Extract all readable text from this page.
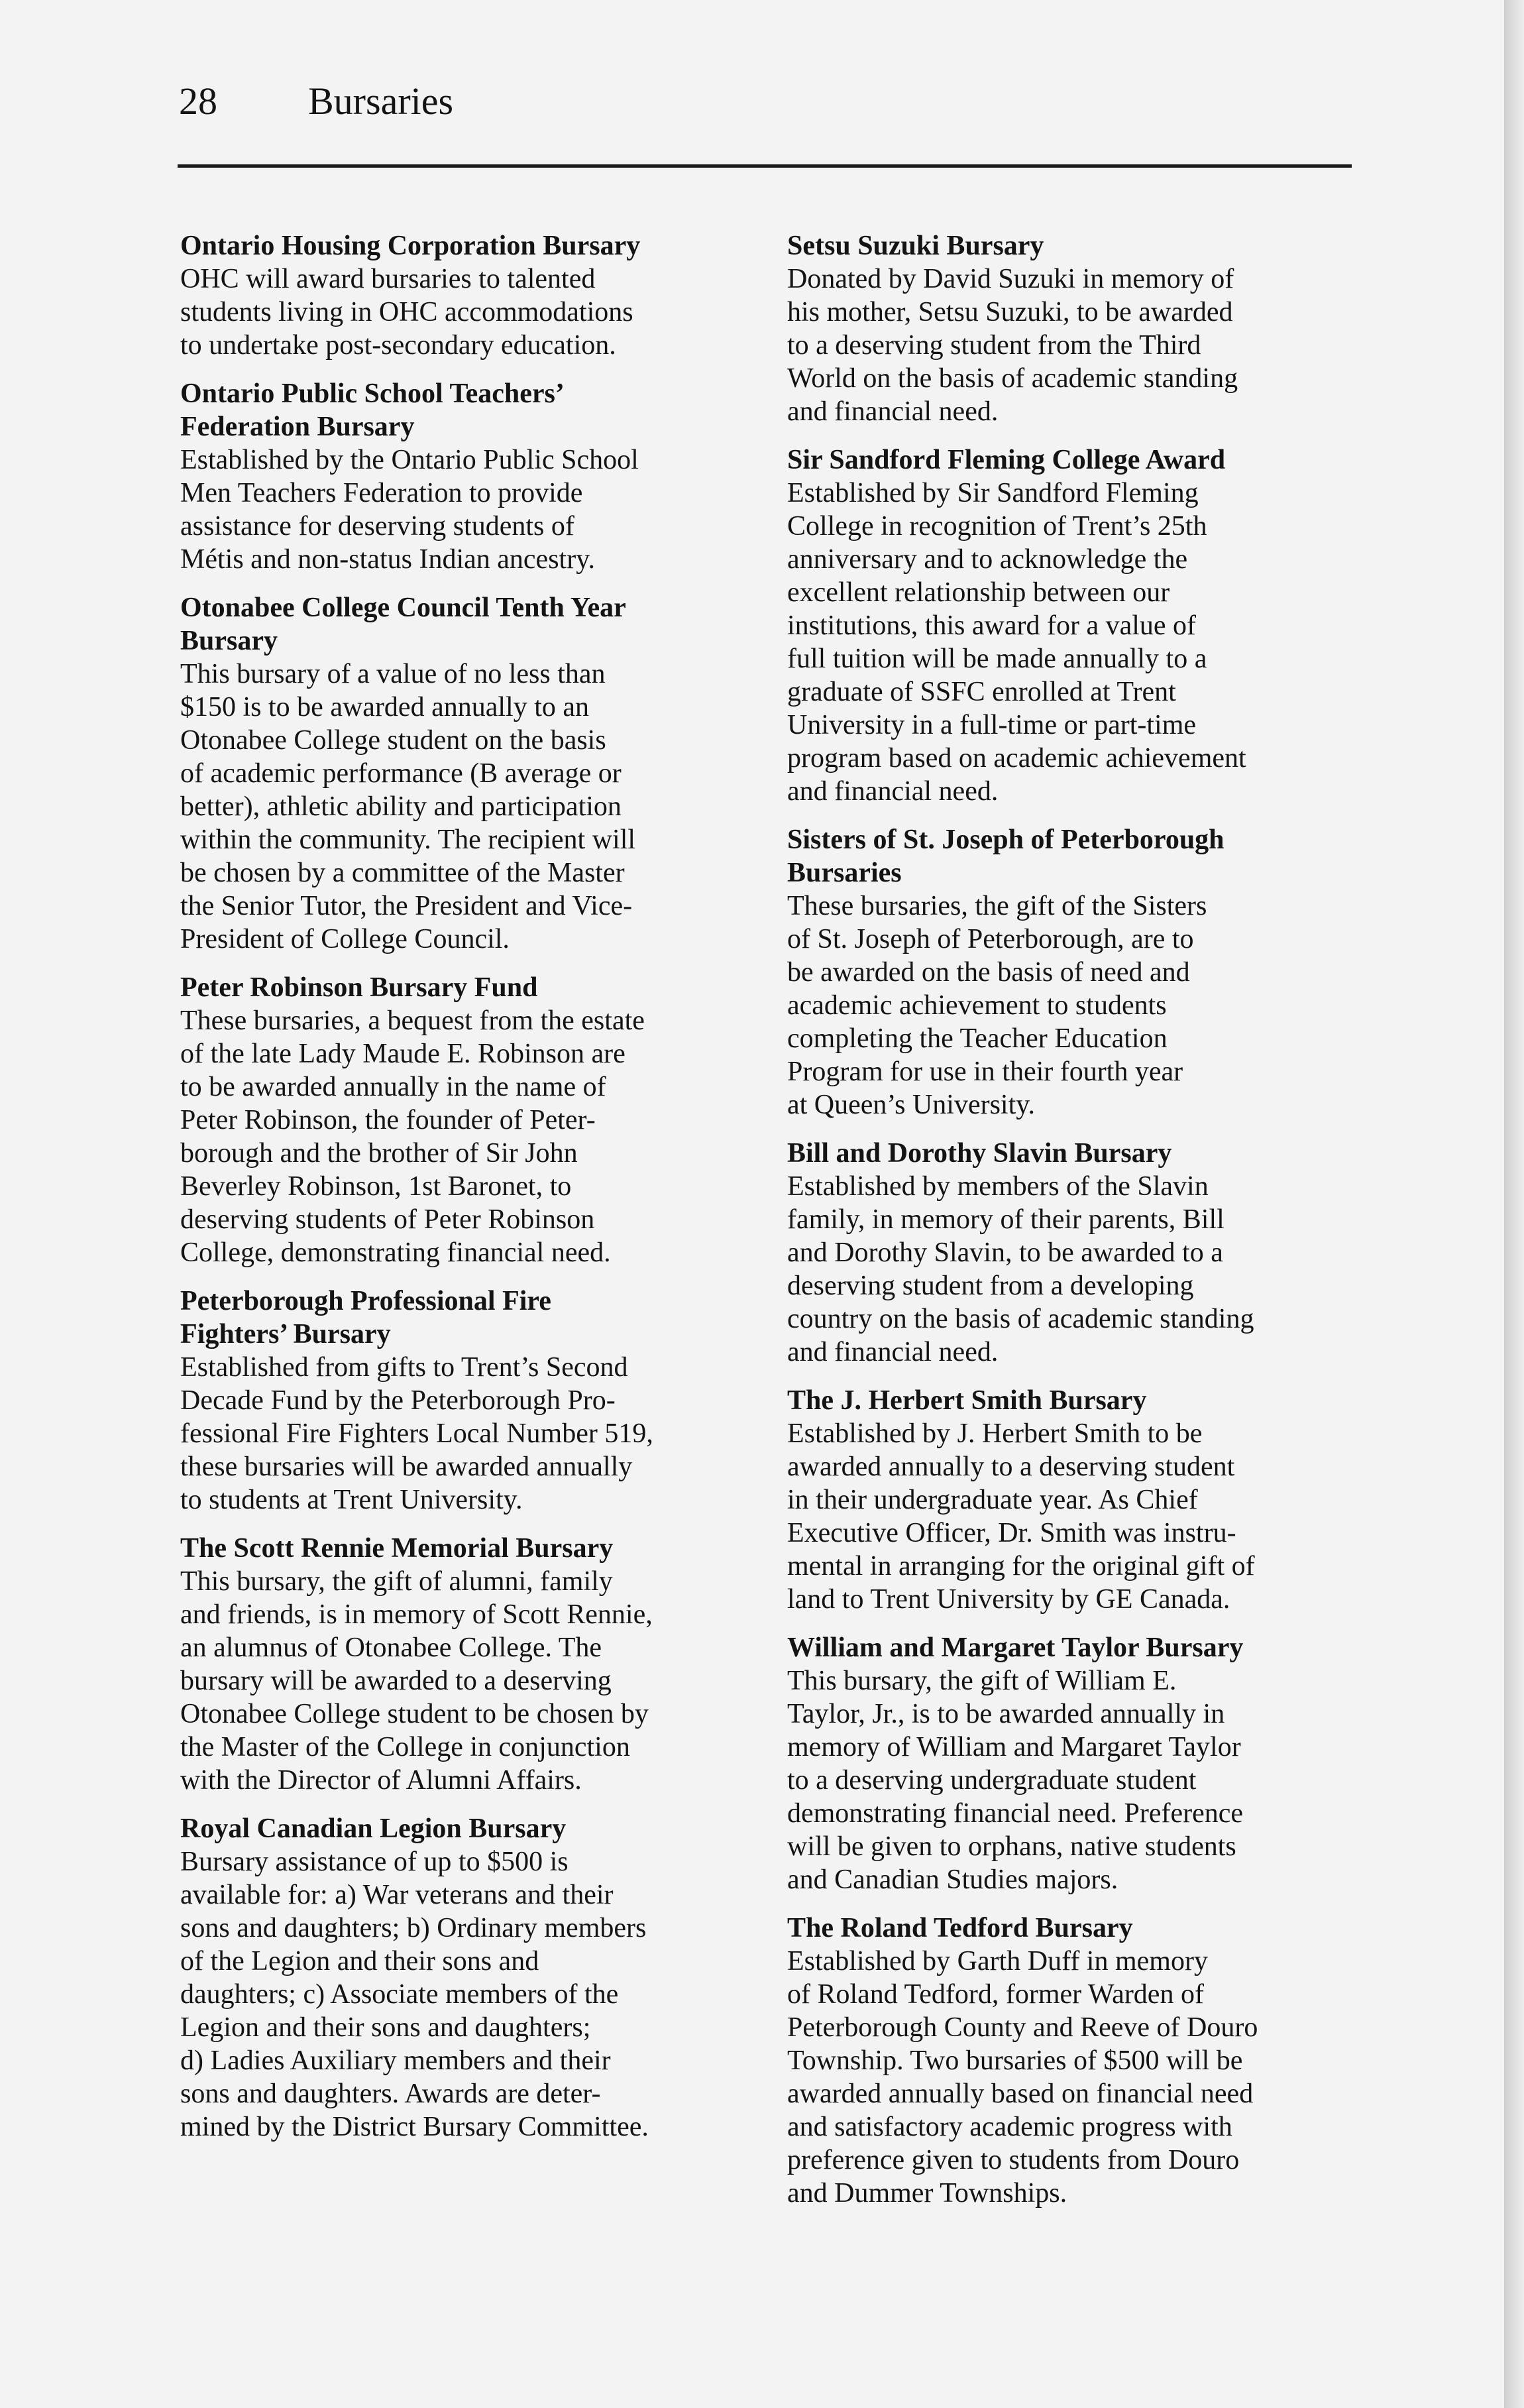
28 Bursaries

Ontario Housing Corporation Bursary

OHC will award bursaries to talented
students living in OHC accommodations
to undertake post-secondary education.

Ontario Public School Teachers’
Federation Bursary

Established by the Ontario Public School
Men Teachers Federation to provide
assistance for deserving students of
Métis and non-status Indian ancestry.

Otonabee College Council Tenth Year
Bursary

This bursary of a value of no less than
$150 is to be awarded annually to an
Otonabee College student on the basis
of academic performance (B average or
better), athletic ability and participation
within the community. The recipient will
be chosen by a committee of the Master
the Senior Tutor, the President and Vice-
President of College Council.

Peter Robinson Bursary Fund

These bursaries, a bequest from the estate
of the late Lady Maude E. Robinson are
to be awarded annually in the name of
Peter Robinson, the founder of Peter-
borough and the brother of Sir John
Beverley Robinson, 1st Baronet, to
deserving students of Peter Robinson
College, demonstrating financial need.

Peterborough Professional Fire
Fighters’ Bursary

Established from gifts to Trent’s Second
Decade Fund by the Peterborough Pro-
fessional Fire Fighters Local Number 519,
these bursaries will be awarded annually
to students at Trent University.

The Scott Rennie Memorial Bursary

This bursary, the gift of alumni, family
and friends, is in memory of Scott Rennie,
an alumnus of Otonabee College. The
bursary will be awarded to a deserving
Otonabee College student to be chosen by
the Master of the College in conjunction
with the Director of Alumni Affairs.

Royal Canadian Legion Bursary

Bursary assistance of up to $500 is
available for: a) War veterans and their
sons and daughters; b) Ordinary members
of the Legion and their sons and
daughters; c) Associate members of the
Legion and their sons and daughters;
d) Ladies Auxiliary members and their
sons and daughters. Awards are deter-
mined by the District Bursary Committee.

Setsu Suzuki Bursary

Donated by David Suzuki in memory of
his mother, Setsu Suzuki, to be awarded
to a deserving student from the Third
World on the basis of academic standing
and financial need.

Sir Sandford Fleming College Award

Established by Sir Sandford Fleming
College in recognition of Trent’s 25th
anniversary and to acknowledge the
excellent relationship between our
institutions, this award for a value of
full tuition will be made annually to a
graduate of SSFC enrolled at Trent
University in a full-time or part-time
program based on academic achievement
and financial need.

Sisters of St. Joseph of Peterborough
Bursaries

These bursaries, the gift of the Sisters
of St. Joseph of Peterborough, are to
be awarded on the basis of need and
academic achievement to students
completing the Teacher Education
Program for use in their fourth year
at Queen’s University.

Bill and Dorothy Slavin Bursary

Established by members of the Slavin
family, in memory of their parents, Bill
and Dorothy Slavin, to be awarded to a
deserving student from a developing
country on the basis of academic standing
and financial need.

The J. Herbert Smith Bursary

Established by J. Herbert Smith to be
awarded annually to a deserving student
in their undergraduate year. As Chief
Executive Officer, Dr. Smith was instru-
mental in arranging for the original gift of
land to Trent University by GE Canada.

William and Margaret Taylor Bursary

This bursary, the gift of William E.
Taylor, Jr., is to be awarded annually in
memory of William and Margaret Taylor
to a deserving undergraduate student
demonstrating financial need. Preference
will be given to orphans, native students
and Canadian Studies majors.

The Roland Tedford Bursary

Established by Garth Duff in memory
of Roland Tedford, former Warden of
Peterborough County and Reeve of Douro
Township. Two bursaries of $500 will be
awarded annually based on financial need
and satisfactory academic progress with
preference given to students from Douro
and Dummer Townships.
